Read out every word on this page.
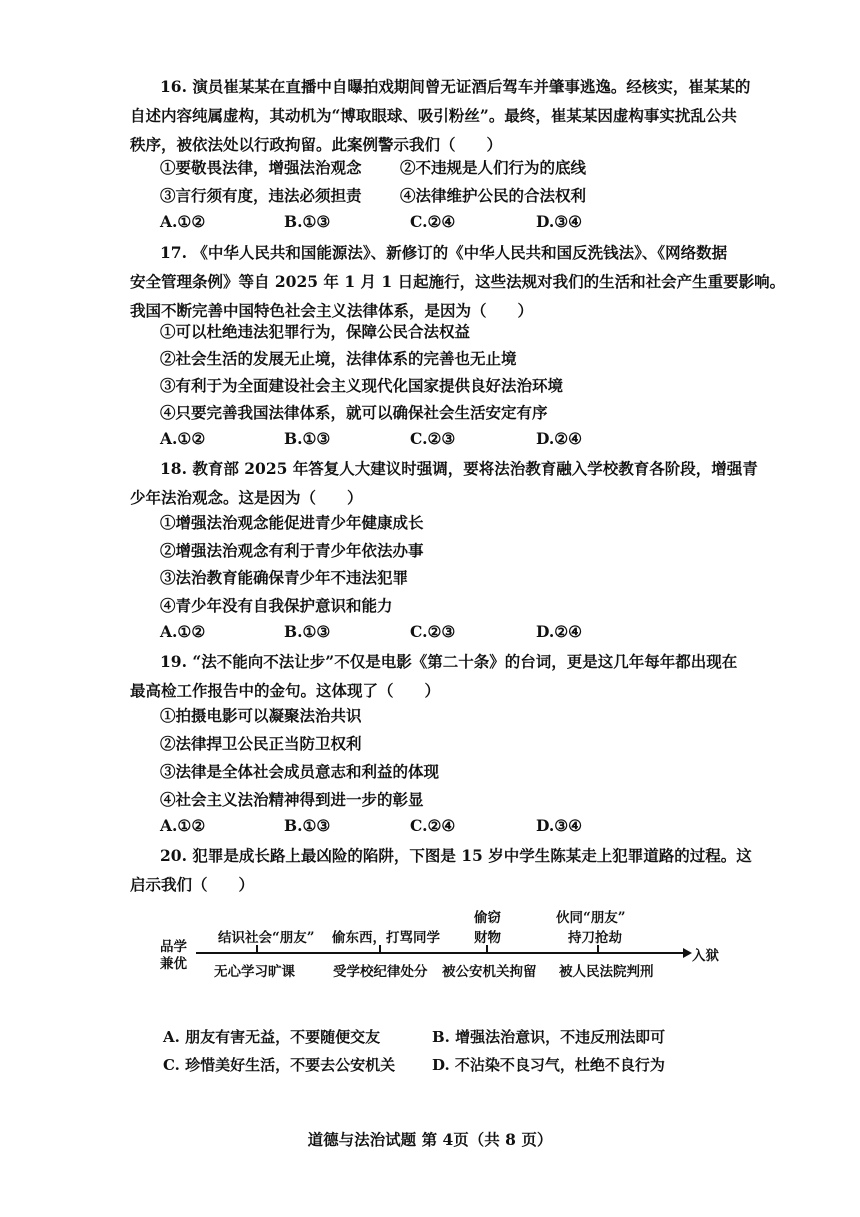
16. 演员崔某某在直播中自曝拍戏期间曾无证酒后驾车并肇事逃逸。经核实，崔某某的
自述内容纯属虚构，其动机为“博取眼球、吸引粉丝”。最终，崔某某因虚构事实扰乱公共
秩序，被依法处以行政拘留。此案例警示我们（　　）
①要敬畏法律，增强法治观念 ②不违规是人们行为的底线
③言行须有度，违法必须担责 ④法律维护公民的合法权利
A.①②	B.①③	C.②④	D.③④
17. 《中华人民共和国能源法》、新修订的《中华人民共和国反洗钱法》、《网络数据
安全管理条例》等自 2025 年 1 月 1 日起施行，这些法规对我们的生活和社会产生重要影响。
我国不断完善中国特色社会主义法律体系，是因为（　　）
①可以杜绝违法犯罪行为，保障公民合法权益
②社会生活的发展无止境，法律体系的完善也无止境
③有利于为全面建设社会主义现代化国家提供良好法治环境
④只要完善我国法律体系，就可以确保社会生活安定有序
A.①②	B.①③	C.②③	D.②④
18. 教育部 2025 年答复人大建议时强调，要将法治教育融入学校教育各阶段，增强青
少年法治观念。这是因为（　　）
①增强法治观念能促进青少年健康成长
②增强法治观念有利于青少年依法办事
③法治教育能确保青少年不违法犯罪
④青少年没有自我保护意识和能力
A.①②	B.①③	C.②③	D.②④
19. “法不能向不法让步”不仅是电影《第二十条》的台词，更是这几年每年都出现在
最高检工作报告中的金句。这体现了（　　）
①拍摄电影可以凝聚法治共识
②法律捍卫公民正当防卫权利
③法律是全体社会成员意志和利益的体现
④社会主义法治精神得到进一步的彰显
A.①②	B.①③	C.②④	D.③④
20. 犯罪是成长路上最凶险的陷阱，下图是 15 岁中学生陈某走上犯罪道路的过程。这
启示我们（　　）
品学
兼优	入狱
结识社会“朋友” 偷东西，打骂同学
偷窃
财物
伙同“朋友”
持刀抢劫
无心学习旷课	受学校纪律处分 被公安机关拘留 被人民法院判刑
A. 朋友有害无益，不要随便交友	B. 增强法治意识，不违反刑法即可
C. 珍惜美好生活，不要去公安机关 D. 不沾染不良习气，杜绝不良行为
道德与法治试题 第 4页（共 8 页）
